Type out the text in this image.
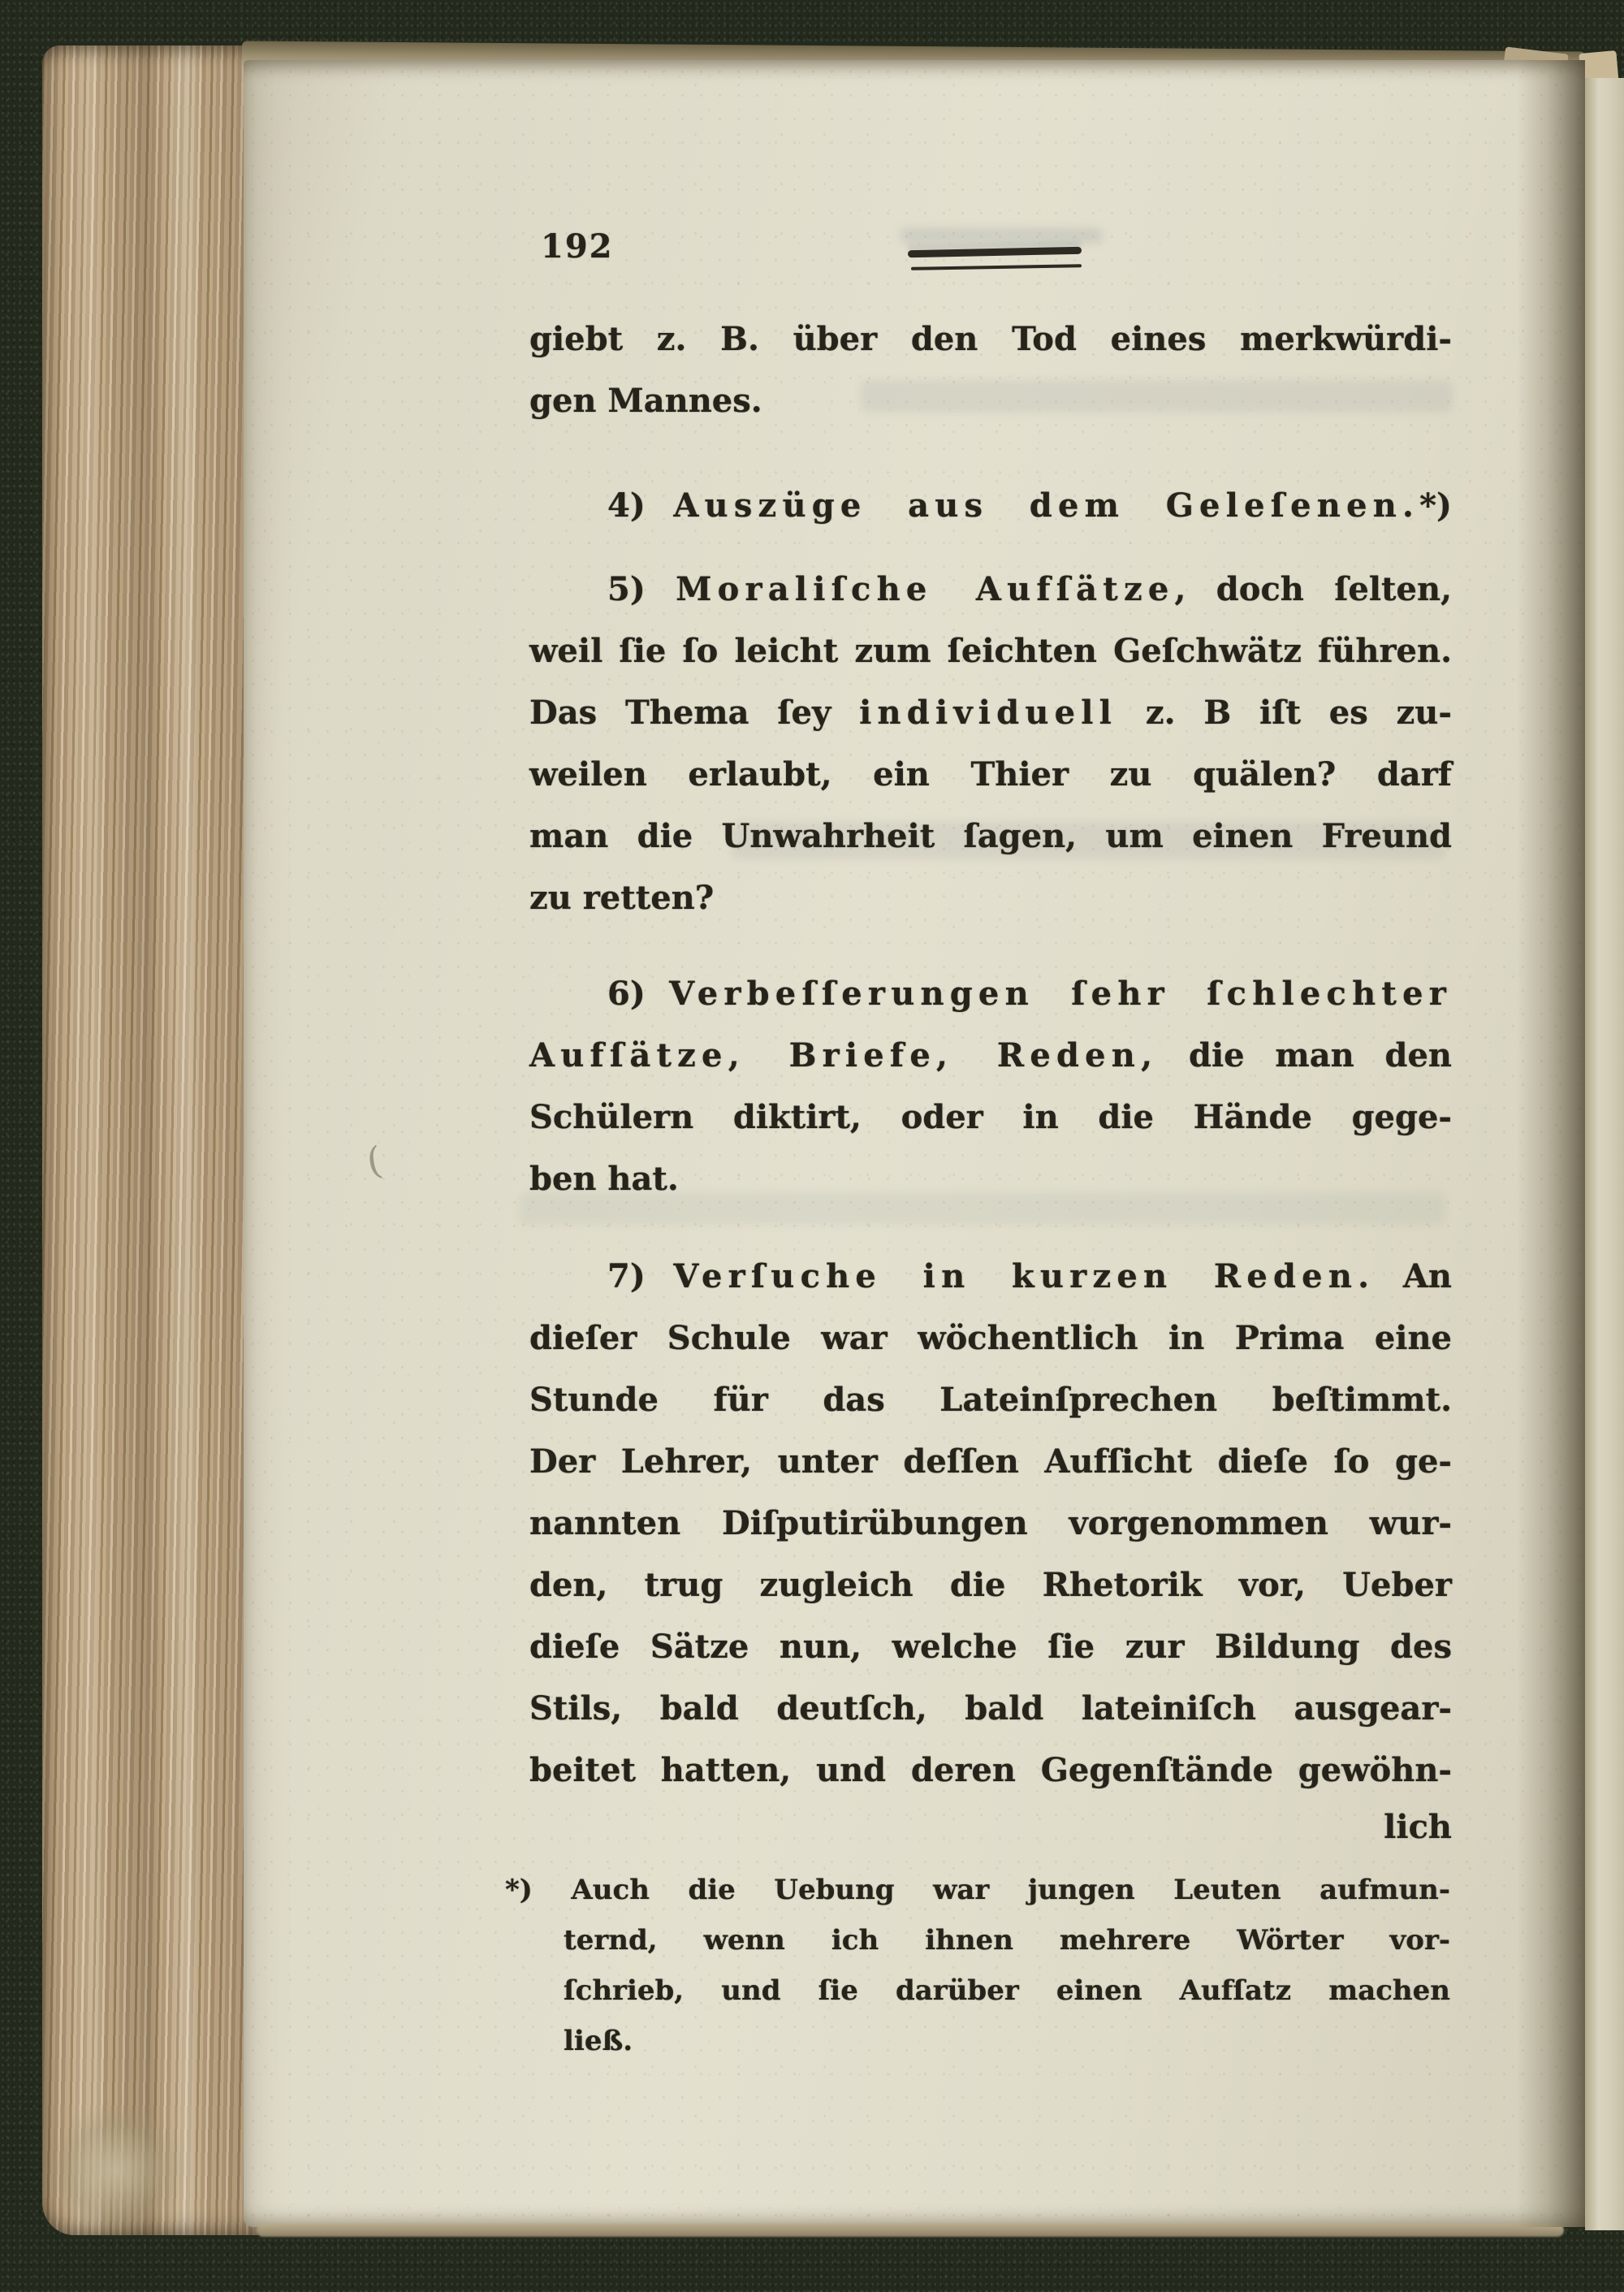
192
giebt z. B. über den Tod eines merkwürdi-
gen Mannes.
4) Auszüge aus dem Geleſenen.*)
5) Moraliſche Aufſätze, doch ſelten,
weil ſie ſo leicht zum ſeichten Geſchwätz führen.
Das Thema ſey individuell z. B iſt es zu-
weilen erlaubt, ein Thier zu quälen? darf
man die Unwahrheit ſagen, um einen Freund
zu retten?
6) Verbeſſerungen ſehr ſchlechter
Aufſätze, Briefe, Reden, die man den
Schülern diktirt, oder in die Hände gege-
ben hat.
7) Verſuche in kurzen Reden. An
dieſer Schule war wöchentlich in Prima eine
Stunde für das Lateinſprechen beſtimmt.
Der Lehrer, unter deſſen Aufſicht dieſe ſo ge-
nannten Diſputirübungen vorgenommen wur-
den, trug zugleich die Rhetorik vor, Ueber
dieſe Sätze nun, welche ſie zur Bildung des
Stils, bald deutſch, bald lateiniſch ausgear-
beitet hatten, und deren Gegenſtände gewöhn-
lich
*) Auch die Uebung war jungen Leuten aufmun-
ternd, wenn ich ihnen mehrere Wörter vor-
ſchrieb, und ſie darüber einen Aufſatz machen
ließ.
(
